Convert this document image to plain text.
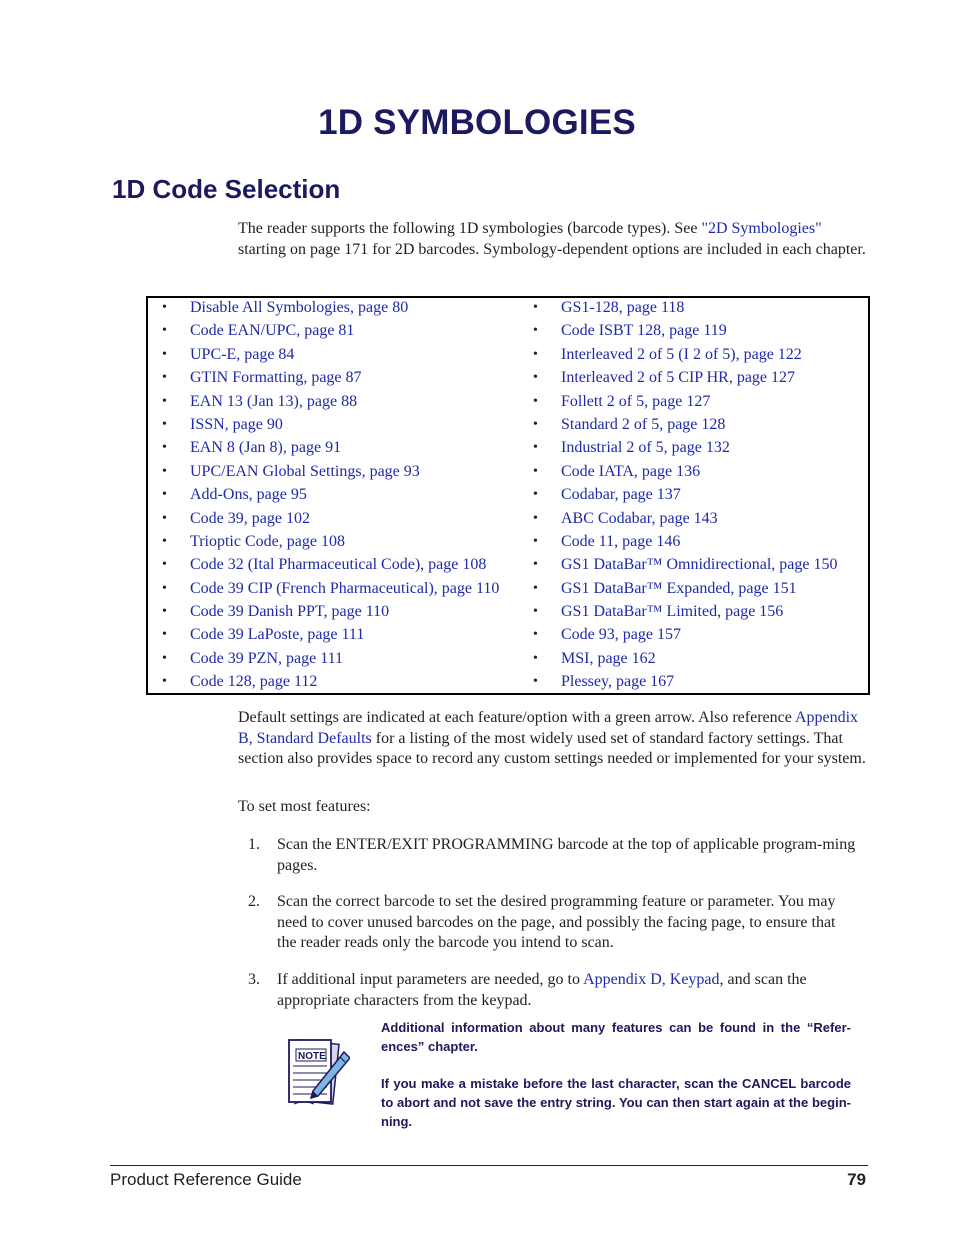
1D SYMBOLOGIES
1D Code Selection

The reader supports the following 1D symbologies (barcode types). See "2D Symbologies" starting on page 171 for 2D barcodes. Symbology-dependent options are included in each chapter.

• Disable All Symbologies, page 80
• Code EAN/UPC, page 81
• UPC-E, page 84
• GTIN Formatting, page 87
• EAN 13 (Jan 13), page 88
• ISSN, page 90
• EAN 8 (Jan 8), page 91
• UPC/EAN Global Settings, page 93
• Add-Ons, page 95
• Code 39, page 102
• Trioptic Code, page 108
• Code 32 (Ital Pharmaceutical Code), page 108
• Code 39 CIP (French Pharmaceutical), page 110
• Code 39 Danish PPT, page 110
• Code 39 LaPoste, page 111
• Code 39 PZN, page 111
• Code 128, page 112
• GS1-128, page 118
• Code ISBT 128, page 119
• Interleaved 2 of 5 (I 2 of 5), page 122
• Interleaved 2 of 5 CIP HR, page 127
• Follett 2 of 5, page 127
• Standard 2 of 5, page 128
• Industrial 2 of 5, page 132
• Code IATA, page 136
• Codabar, page 137
• ABC Codabar, page 143
• Code 11, page 146
• GS1 DataBar™ Omnidirectional, page 150
• GS1 DataBar™ Expanded, page 151
• GS1 DataBar™ Limited, page 156
• Code 93, page 157
• MSI, page 162
• Plessey, page 167

Default settings are indicated at each feature/option with a green arrow. Also reference Appendix B, Standard Defaults for a listing of the most widely used set of standard factory settings. That section also provides space to record any custom settings needed or implemented for your system.

To set most features:

1. Scan the ENTER/EXIT PROGRAMMING barcode at the top of applicable program-ming pages.
2. Scan the correct barcode to set the desired programming feature or parameter. You may need to cover unused barcodes on the page, and possibly the facing page, to ensure that the reader reads only the barcode you intend to scan.
3. If additional input parameters are needed, go to Appendix D, Keypad, and scan the appropriate characters from the keypad.
NOTE

Additional information about many features can be found in the “Refer-ences” chapter.

If you make a mistake before the last character, scan the CANCEL barcode to abort and not save the entry string. You can then start again at the begin-ning.

Product Reference Guide	79
